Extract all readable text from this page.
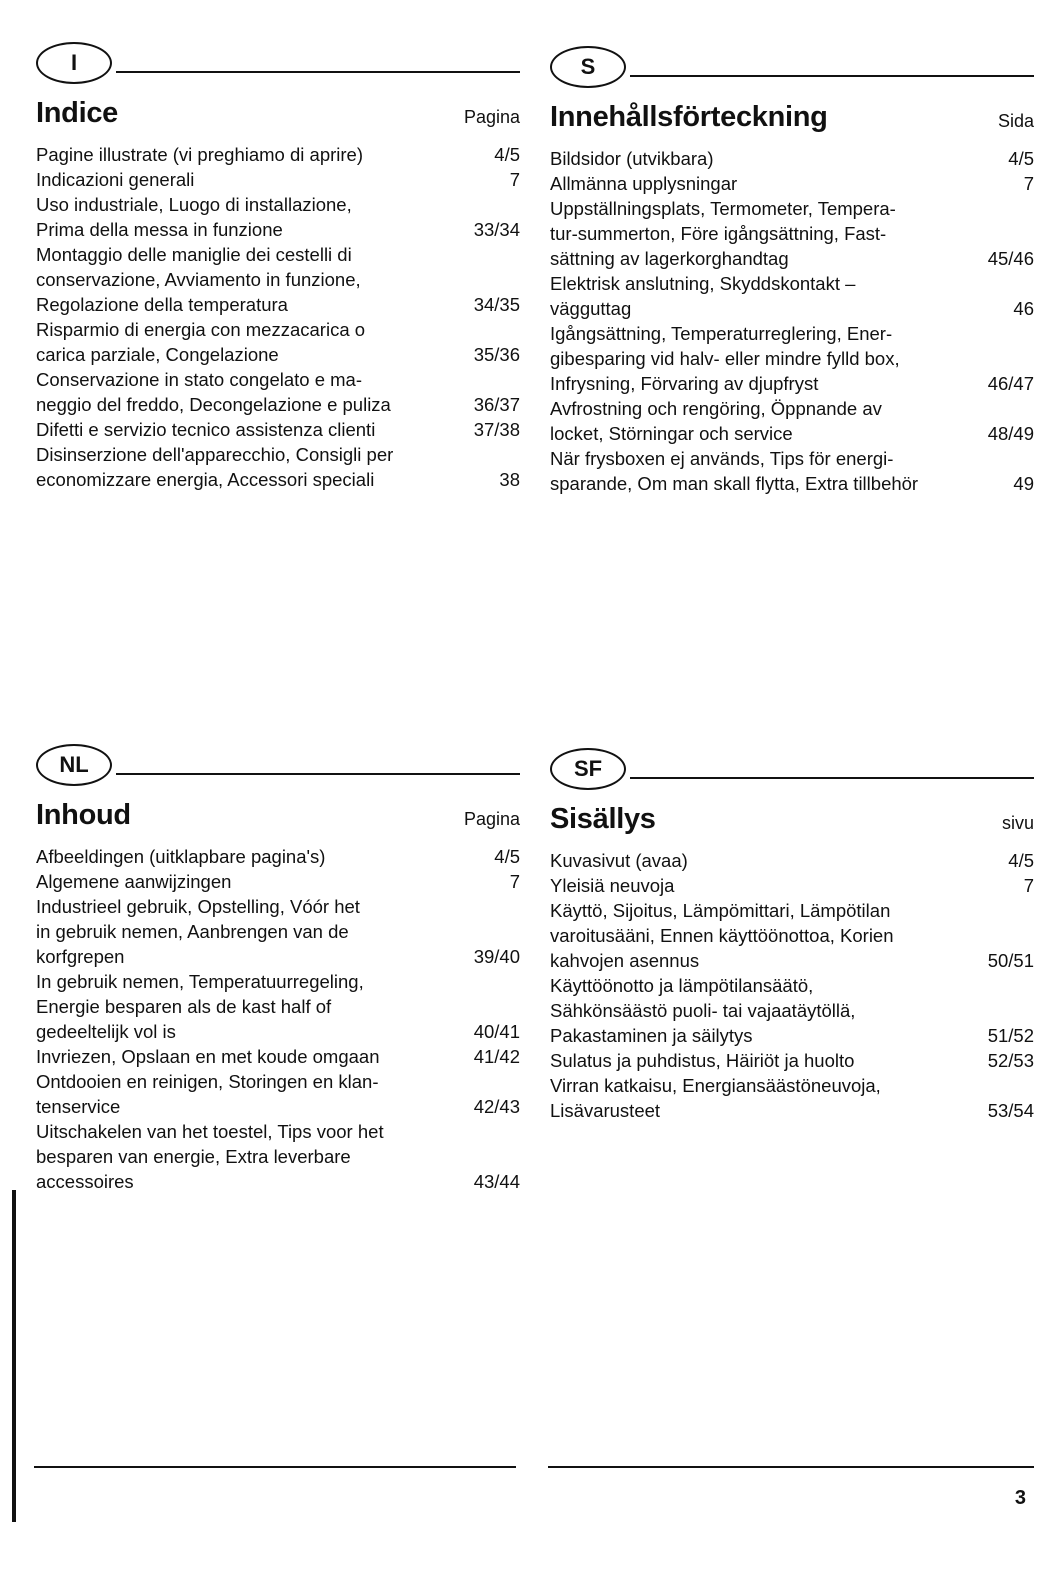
I
Indice	Pagina
Pagine illustrate (vi preghiamo di aprire)	4/5
Indicazioni generali	7
Uso industriale, Luogo di installazione,
Prima della messa in funzione	33/34
Montaggio delle maniglie dei cestelli di
conservazione, Avviamento in funzione,
Regolazione della temperatura	34/35
Risparmio di energia con mezzacarica o
carica parziale, Congelazione	35/36
Conservazione in stato congelato e ma-
neggio del freddo, Decongelazione e puliza	36/37
Difetti e servizio tecnico assistenza clienti	37/38
Disinserzione dell'apparecchio, Consigli per
economizzare energia, Accessori speciali	38
S
Innehållsförteckning	Sida
Bildsidor (utvikbara)	4/5
Allmänna upplysningar	7
Uppställningsplats, Termometer, Tempera-
tur-summerton, Före igångsättning, Fast-
sättning av lagerkorghandtag	45/46
Elektrisk anslutning, Skyddskontakt –
vägguttag	46
Igångsättning, Temperaturreglering, Ener-
gibesparing vid halv- eller mindre fylld box,
Infrysning, Förvaring av djupfryst	46/47
Avfrostning och rengöring, Öppnande av
locket, Störningar och service	48/49
När frysboxen ej används, Tips för energi-
sparande, Om man skall flytta, Extra tillbehör	49
NL
Inhoud	Pagina
Afbeeldingen (uitklapbare pagina's)	4/5
Algemene aanwijzingen	7
Industrieel gebruik, Opstelling, Vóór het
in gebruik nemen, Aanbrengen van de
korfgrepen	39/40
In gebruik nemen, Temperatuurregeling,
Energie besparen als de kast half of
gedeeltelijk vol is	40/41
Invriezen, Opslaan en met koude omgaan	41/42
Ontdooien en reinigen, Storingen en klan-
tenservice	42/43
Uitschakelen van het toestel, Tips voor het
besparen van energie, Extra leverbare
accessoires	43/44
SF
Sisällys	sivu
Kuvasivut (avaa)	4/5
Yleisiä neuvoja	7
Käyttö, Sijoitus, Lämpömittari, Lämpötilan
varoitusääni, Ennen käyttöönottoa, Korien
kahvojen asennus	50/51
Käyttöönotto ja lämpötilansäätö,
Sähkönsäästö puoli- tai vajaatäytöllä,
Pakastaminen ja säilytys	51/52
Sulatus ja puhdistus, Häiriöt ja huolto	52/53
Virran katkaisu, Energiansäästöneuvoja,
Lisävarusteet	53/54
3
